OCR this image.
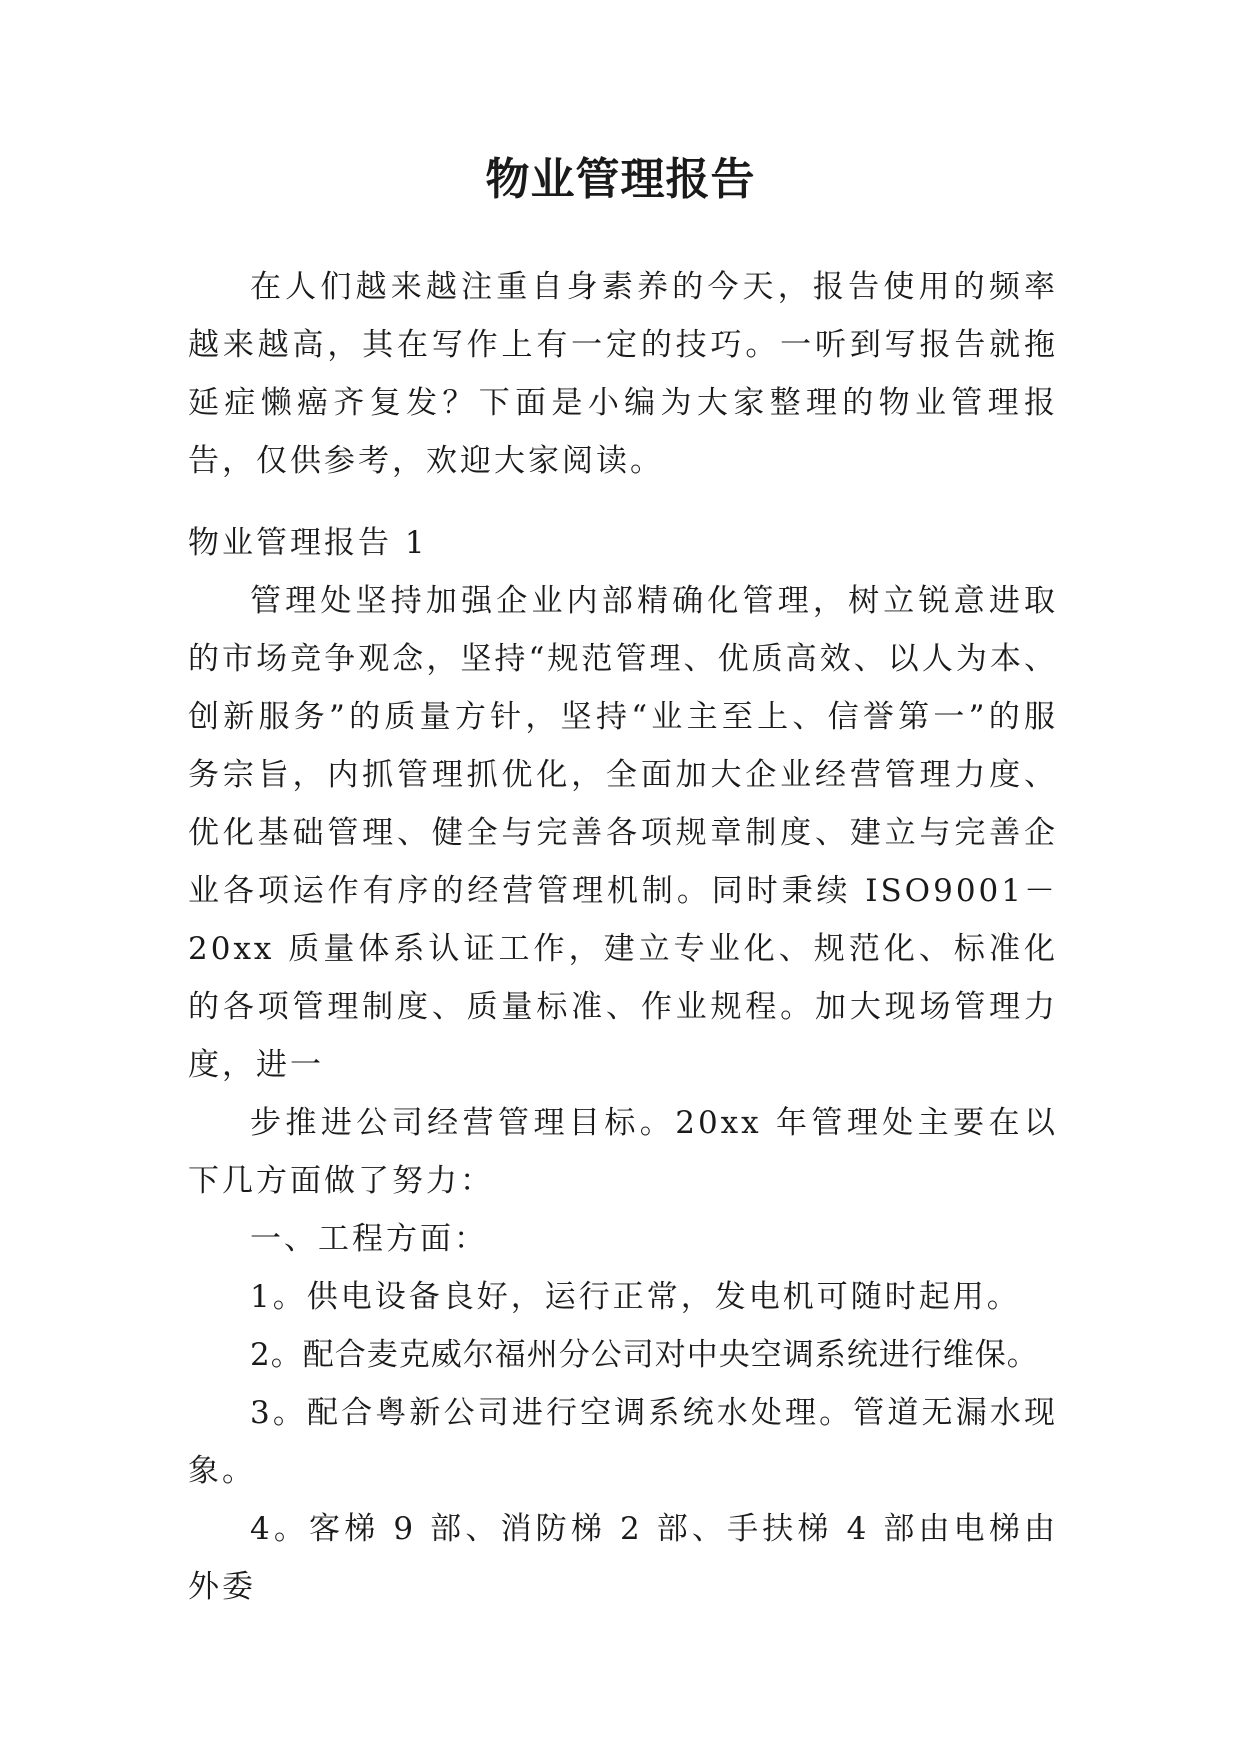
物业管理报告

在人们越来越注重自身素养的今天，报告使用的频率越来越高，其在写作上有一定的技巧。一听到写报告就拖延症懒癌齐复发？下面是小编为大家整理的物业管理报告，仅供参考，欢迎大家阅读。

物业管理报告 1

管理处坚持加强企业内部精确化管理，树立锐意进取的市场竞争观念，坚持“规范管理、优质高效、以人为本、创新服务”的质量方针，坚持“业主至上、信誉第一”的服务宗旨，内抓管理抓优化，全面加大企业经营管理力度、优化基础管理、健全与完善各项规章制度、建立与完善企业各项运作有序的经营管理机制。同时秉续 ISO9001－20xx 质量体系认证工作，建立专业化、规范化、标准化的各项管理制度、质量标准、作业规程。加大现场管理力度，进一

步推进公司经营管理目标。20xx 年管理处主要在以下几方面做了努力：

一、工程方面：

1。供电设备良好，运行正常，发电机可随时起用。

2。配合麦克威尔福州分公司对中央空调系统进行维保。

3。配合粤新公司进行空调系统水处理。管道无漏水现象。

4。客梯 9 部、消防梯 2 部、手扶梯 4 部由电梯由外委
